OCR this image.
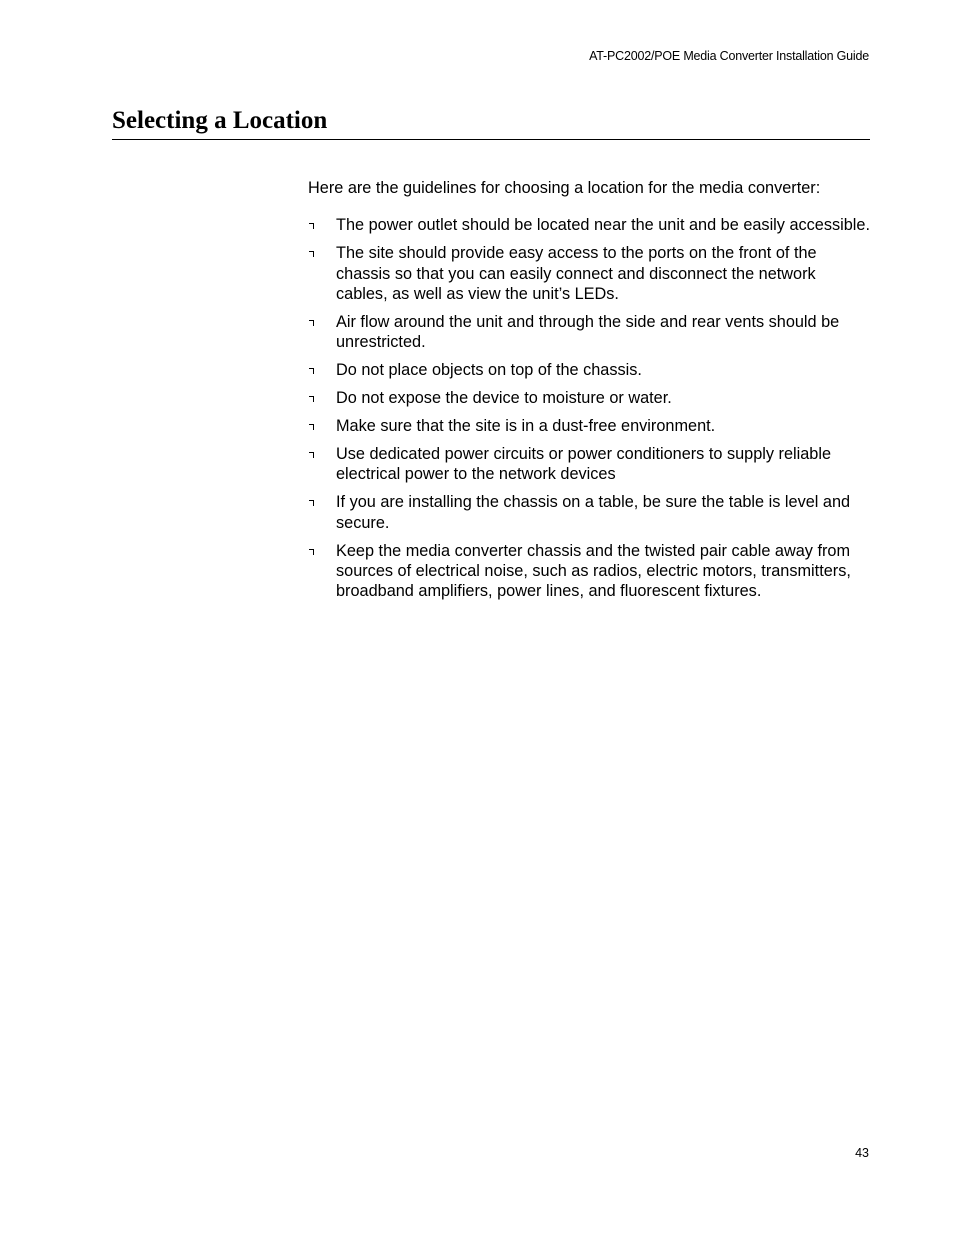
AT-PC2002/POE Media Converter Installation Guide
Selecting a Location

Here are the guidelines for choosing a location for the media converter:

The power outlet should be located near the unit and be easily accessible.
The site should provide easy access to the ports on the front of the chassis so that you can easily connect and disconnect the network cables, as well as view the unit’s LEDs.
Air flow around the unit and through the side and rear vents should be unrestricted.
Do not place objects on top of the chassis.
Do not expose the device to moisture or water.
Make sure that the site is in a dust-free environment.
Use dedicated power circuits or power conditioners to supply reliable electrical power to the network devices
If you are installing the chassis on a table, be sure the table is level and secure.
Keep the media converter chassis and the twisted pair cable away from sources of electrical noise, such as radios, electric motors, transmitters, broadband amplifiers, power lines, and fluorescent fixtures.
43
